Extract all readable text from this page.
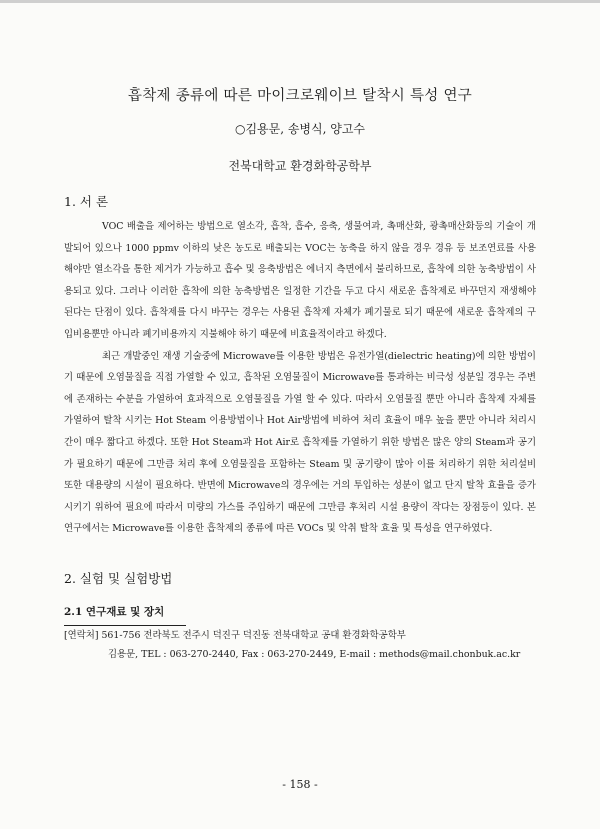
흡착제 종류에 따른 마이크로웨이브 탈착시 특성 연구
○김용문, 송병식, 양고수
전북대학교 환경화학공학부
1. 서 론

VOC 배출을 제어하는 방법으로 열소각, 흡착, 흡수, 응축, 생물여과, 촉매산화, 광촉매산화등의 기술이 개발되어 있으나 1000 ppmv 이하의 낮은 농도로 배출되는 VOC는 농축을 하지 않을 경우 경유 등 보조연료를 사용해야만 열소각을 통한 제거가 가능하고 흡수 및 응축방법은 에너지 측면에서 불리하므로, 흡착에 의한 농축방법이 사용되고 있다. 그러나 이러한 흡착에 의한 농축방법은 일정한 기간을 두고 다시 새로운 흡착제로 바꾸던지 재생해야 된다는 단점이 있다. 흡착제를 다시 바꾸는 경우는 사용된 흡착제 자체가 폐기물로 되기 때문에 새로운 흡착제의 구입비용뿐만 아니라 폐기비용까지 지불해야 하기 때문에 비효율적이라고 하겠다.

최근 개발중인 재생 기술중에 Microwave를 이용한 방법은 유전가열(dielectric heating)에 의한 방법이기 때문에 오염물질을 직접 가열할 수 있고, 흡착된 오염물질이 Microwave를 통과하는 비극성 성분일 경우는 주변에 존재하는 수분을 가열하여 효과적으로 오염물질을 가열 할 수 있다. 따라서 오염물질 뿐만 아니라 흡착제 자체를 가열하여 탈착 시키는 Hot Steam 이용방법이나 Hot Air방법에 비하여 처리 효율이 매우 높을 뿐만 아니라 처리시간이 매우 짧다고 하겠다. 또한 Hot Steam과 Hot Air로 흡착제를 가열하기 위한 방법은 많은 양의 Steam과 공기가 필요하기 때문에 그만큼 처리 후에 오염물질을 포함하는 Steam 및 공기량이 많아 이를 처리하기 위한 처리설비 또한 대용량의 시설이 필요하다. 반면에 Microwave의 경우에는 거의 투입하는 성분이 없고 단지 탈착 효율을 증가시키기 위하여 필요에 따라서 미량의 가스를 주입하기 때문에 그만큼 후처리 시설 용량이 작다는 장점등이 있다. 본 연구에서는 Microwave를 이용한 흡착제의 종류에 따른 VOCs 및 악취 탈착 효율 및 특성을 연구하였다.

2. 실험 및 실험방법
2.1 연구재료 및 장치
[연락처] 561-756 전라북도 전주시 덕진구 덕진동 전북대학교 공대 환경화학공학부
김용문, TEL : 063-270-2440, Fax : 063-270-2449, E-mail : methods@mail.chonbuk.ac.kr
- 158 -
